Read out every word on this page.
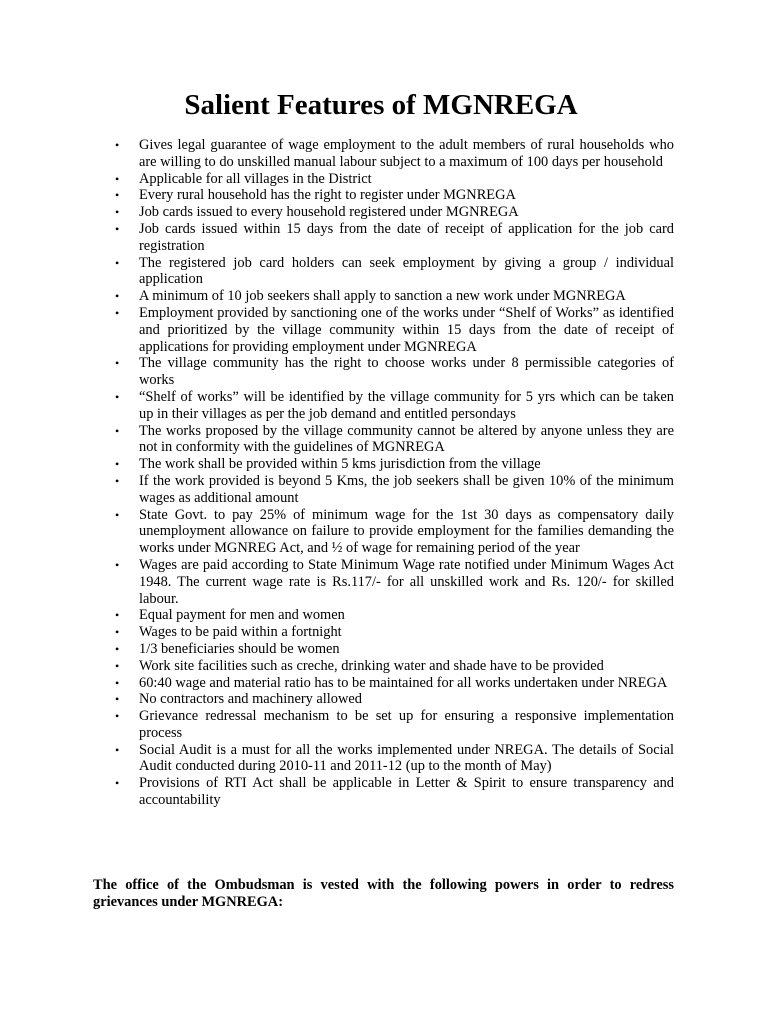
Salient Features of MGNREGA
• Gives legal guarantee of wage employment to the adult members of rural households who are willing to do unskilled manual labour subject to a maximum of 100 days per household
• Applicable for all villages in the District
• Every rural household has the right to register under MGNREGA
• Job cards issued to every household registered under MGNREGA
• Job cards issued within 15 days from the date of receipt of application for the job card registration
• The registered job card holders can seek employment by giving a group / individual application
• A minimum of 10 job seekers shall apply to sanction a new work under MGNREGA
• Employment provided by sanctioning one of the works under “Shelf of Works” as identified and prioritized by the village community within 15 days from the date of receipt of applications for providing employment under MGNREGA
• The village community has the right to choose works under 8 permissible categories of works
• “Shelf of works” will be identified by the village community for 5 yrs which can be taken up in their villages as per the job demand and entitled persondays
• The works proposed by the village community cannot be altered by anyone unless they are not in conformity with the guidelines of MGNREGA
• The work shall be provided within 5 kms jurisdiction from the village
• If the work provided is beyond 5 Kms, the job seekers shall be given 10% of the minimum wages as additional amount
• State Govt. to pay 25% of minimum wage for the 1st 30 days as compensatory daily unemployment allowance on failure to provide employment for the families demanding the works under MGNREG Act, and ½ of wage for remaining period of the year
• Wages are paid according to State Minimum Wage rate notified under Minimum Wages Act 1948. The current wage rate is Rs.117/- for all unskilled work and Rs. 120/- for skilled labour.
• Equal payment for men and women
• Wages to be paid within a fortnight
• 1/3 beneficiaries should be women
• Work site facilities such as creche, drinking water and shade have to be provided
• 60:40 wage and material ratio has to be maintained for all works undertaken under NREGA
• No contractors and machinery allowed
• Grievance redressal mechanism to be set up for ensuring a responsive implementation process
• Social Audit is a must for all the works implemented under NREGA. The details of Social Audit conducted during 2010-11 and 2011-12 (up to the month of May)
• Provisions of RTI Act shall be applicable in Letter & Spirit to ensure transparency and accountability

The office of the Ombudsman is vested with the following powers in order to redress grievances under MGNREGA:
